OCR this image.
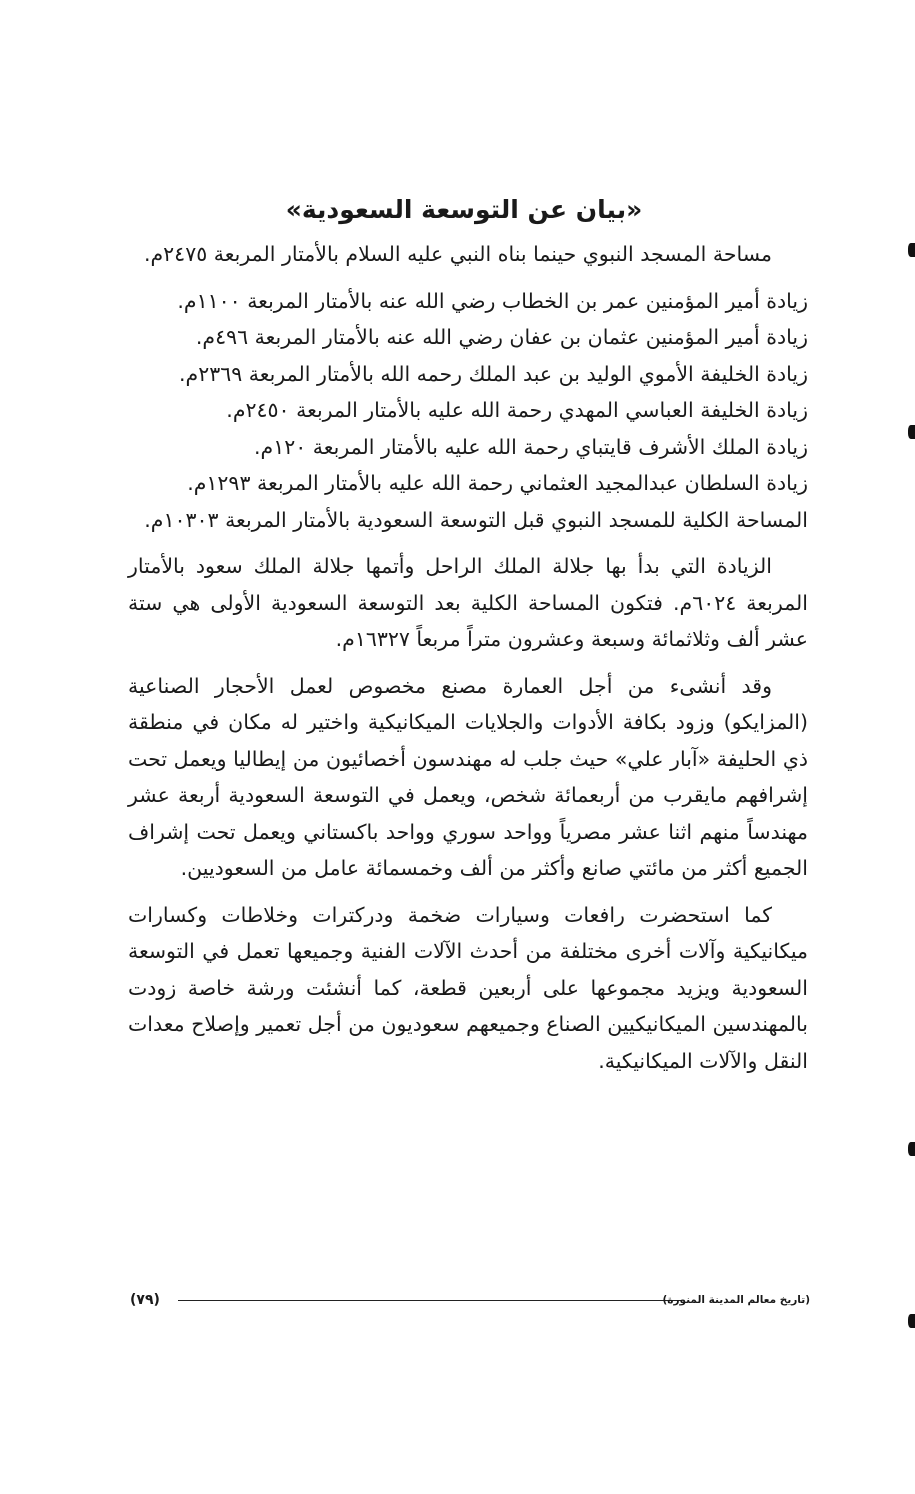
«بيان عن التوسعة السعودية»

مساحة المسجد النبوي حينما بناه النبي عليه السلام بالأمتار المربعة ٢٤٧٥م.

زيادة أمير المؤمنين عمر بن الخطاب رضي الله عنه بالأمتار المربعة ١١٠٠م.

زيادة أمير المؤمنين عثمان بن عفان رضي الله عنه بالأمتار المربعة ٤٩٦م.

زيادة الخليفة الأموي الوليد بن عبد الملك رحمه الله بالأمتار المربعة ٢٣٦٩م.

زيادة الخليفة العباسي المهدي رحمة الله عليه بالأمتار المربعة ٢٤٥٠م.

زيادة الملك الأشرف قايتباي رحمة الله عليه بالأمتار المربعة ١٢٠م.

زيادة السلطان عبدالمجيد العثماني رحمة الله عليه بالأمتار المربعة ١٢٩٣م.

المساحة الكلية للمسجد النبوي قبل التوسعة السعودية بالأمتار المربعة ١٠٣٠٣م.

الزيادة التي بدأ بها جلالة الملك الراحل وأتمها جلالة الملك سعود بالأمتار المربعة ٦٠٢٤م. فتكون المساحة الكلية بعد التوسعة السعودية الأولى هي ستة عشر ألف وثلاثمائة وسبعة وعشرون متراً مربعاً ١٦٣٢٧م.

وقد أنشىء من أجل العمارة مصنع مخصوص لعمل الأحجار الصناعية (المزايكو) وزود بكافة الأدوات والجلايات الميكانيكية واختير له مكان في منطقة ذي الحليفة «آبار علي» حيث جلب له مهندسون أخصائيون من إيطاليا ويعمل تحت إشرافهم مايقرب من أربعمائة شخص، ويعمل في التوسعة السعودية أربعة عشر مهندساً منهم اثنا عشر مصرياً وواحد سوري وواحد باكستاني ويعمل تحت إشراف الجميع أكثر من مائتي صانع وأكثر من ألف وخمسمائة عامل من السعوديين.

كما استحضرت رافعات وسيارات ضخمة ودركترات وخلاطات وكسارات ميكانيكية وآلات أخرى مختلفة من أحدث الآلات الفنية وجميعها تعمل في التوسعة السعودية ويزيد مجموعها على أربعين قطعة، كما أنشئت ورشة خاصة زودت بالمهندسين الميكانيكيين الصناع وجميعهم سعوديون من أجل تعمير وإصلاح معدات النقل والآلات الميكانيكية.

(٧٩)	(تاريخ معالم المدينة المنورة)
